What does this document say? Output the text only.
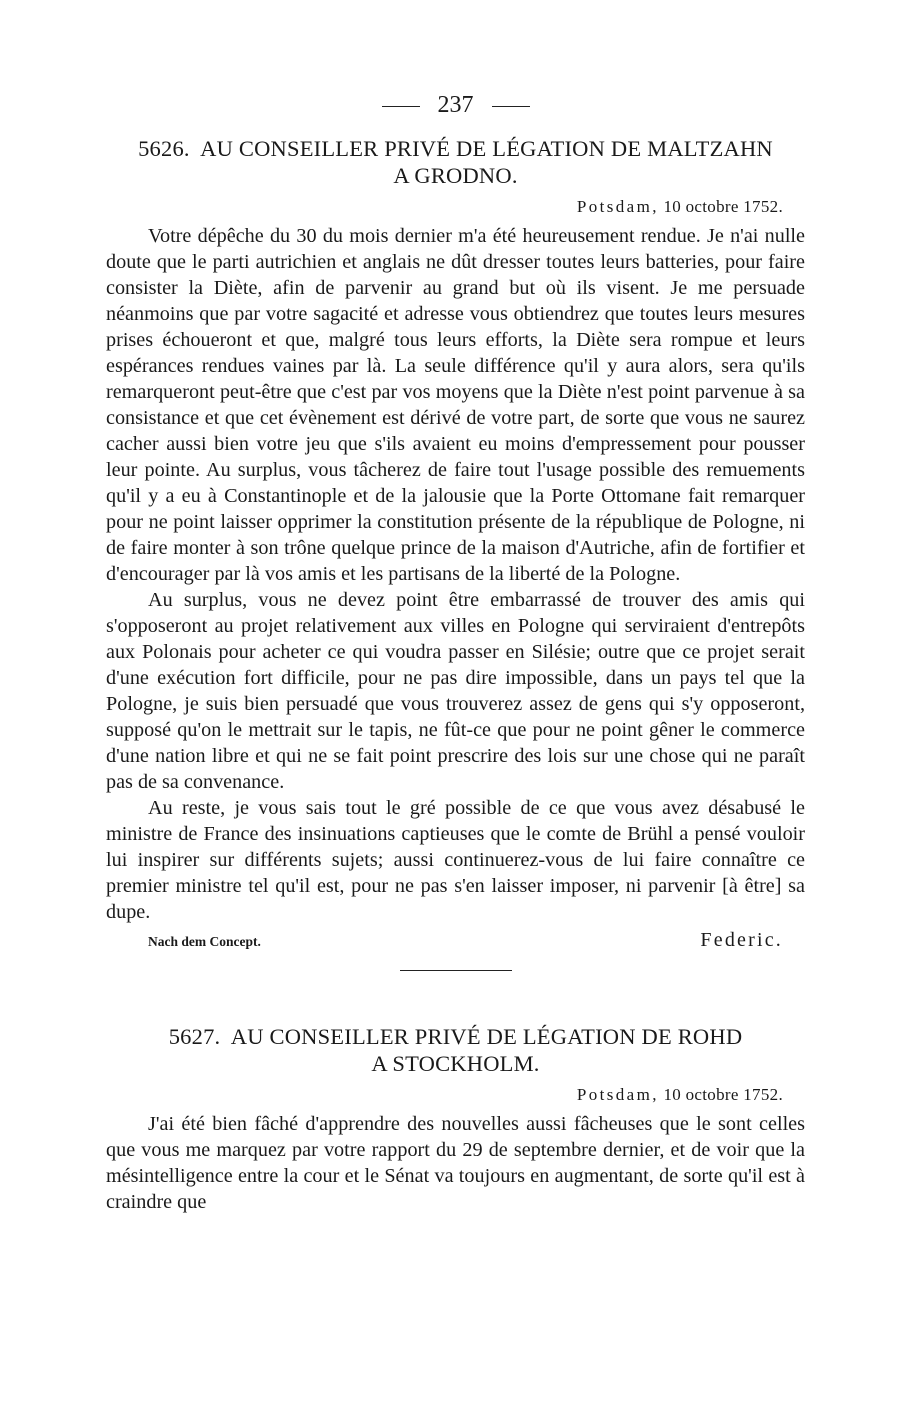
237
5626. AU CONSEILLER PRIVÉ DE LÉGATION DE MALTZAHN
A GRODNO.
Potsdam, 10 octobre 1752.

Votre dépêche du 30 du mois dernier m'a été heureusement rendue. Je n'ai nulle doute que le parti autrichien et anglais ne dût dresser toutes leurs batteries, pour faire consister la Diète, afin de parvenir au grand but où ils visent. Je me persuade néanmoins que par votre sagacité et adresse vous obtiendrez que toutes leurs mesures prises échoueront et que, malgré tous leurs efforts, la Diète sera rompue et leurs espérances rendues vaines par là. La seule différence qu'il y aura alors, sera qu'ils remarqueront peut-être que c'est par vos moyens que la Diète n'est point parvenue à sa consistance et que cet évènement est dérivé de votre part, de sorte que vous ne saurez cacher aussi bien votre jeu que s'ils avaient eu moins d'empressement pour pousser leur pointe. Au surplus, vous tâcherez de faire tout l'usage possible des remuements qu'il y a eu à Constantinople et de la jalousie que la Porte Ottomane fait remarquer pour ne point laisser opprimer la constitution présente de la république de Pologne, ni de faire monter à son trône quelque prince de la maison d'Autriche, afin de fortifier et d'encourager par là vos amis et les partisans de la liberté de la Pologne.

Au surplus, vous ne devez point être embarrassé de trouver des amis qui s'opposeront au projet relativement aux villes en Pologne qui serviraient d'entrepôts aux Polonais pour acheter ce qui voudra passer en Silésie; outre que ce projet serait d'une exécution fort difficile, pour ne pas dire impossible, dans un pays tel que la Pologne, je suis bien persuadé que vous trouverez assez de gens qui s'y opposeront, supposé qu'on le mettrait sur le tapis, ne fût-ce que pour ne point gêner le commerce d'une nation libre et qui ne se fait point prescrire des lois sur une chose qui ne paraît pas de sa convenance.

Au reste, je vous sais tout le gré possible de ce que vous avez désabusé le ministre de France des insinuations captieuses que le comte de Brühl a pensé vouloir lui inspirer sur différents sujets; aussi continuerez-vous de lui faire connaître ce premier ministre tel qu'il est, pour ne pas s'en laisser imposer, ni parvenir [à être] sa dupe.

Nach dem Concept.	Federic.
5627. AU CONSEILLER PRIVÉ DE LÉGATION DE ROHD
A STOCKHOLM.
Potsdam, 10 octobre 1752.

J'ai été bien fâché d'apprendre des nouvelles aussi fâcheuses que le sont celles que vous me marquez par votre rapport du 29 de septembre dernier, et de voir que la mésintelligence entre la cour et le Sénat va toujours en augmentant, de sorte qu'il est à craindre que
